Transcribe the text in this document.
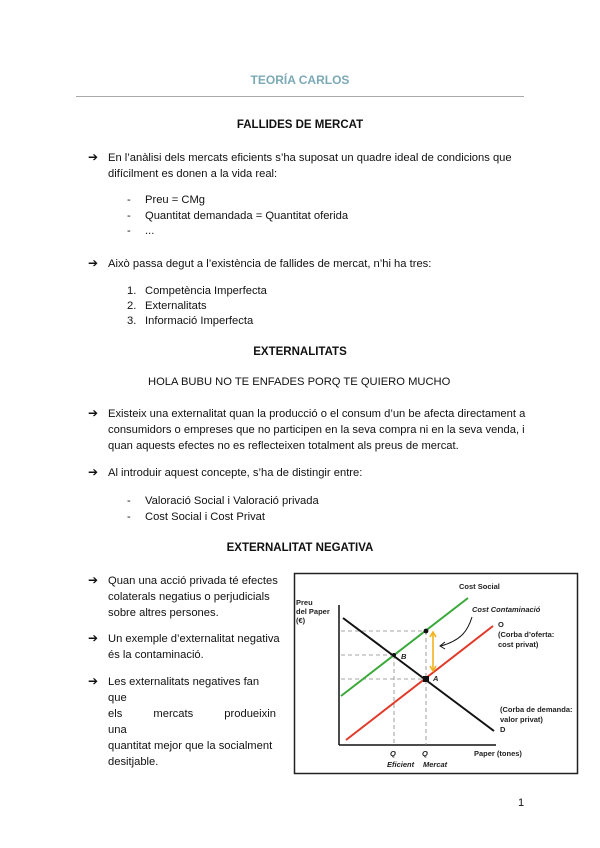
TEORÍA CARLOS
FALLIDES DE MERCAT
➔ En l’anàlisi dels mercats eficients s’ha suposat un quadre ideal de condicions que
difícilment es donen a la vida real:
- Preu = CMg
- Quantitat demandada = Quantitat oferida
- ...
➔ Això passa degut a l’existència de fallides de mercat, n’hi ha tres:
1. Competència Imperfecta
2. Externalitats
3. Informació Imperfecta
EXTERNALITATS
HOLA BUBU NO TE ENFADES PORQ TE QUIERO MUCHO
➔ Existeix una externalitat quan la producció o el consum d’un be afecta directament a
consumidors o empreses que no participen en la seva compra ni en la seva venda, i
quan aquests efectes no es reflecteixen totalment als preus de mercat.
➔ Al introduir aquest concepte, s’ha de distingir entre:
- Valoració Social i Valoració privada
- Cost Social i Cost Privat
EXTERNALITAT NEGATIVA
➔ Quan una acció privada té efectes
colaterals negatius o perjudicials
sobre altres persones.
➔ Un exemple d’externalitat negativa
és la contaminació.
➔ Les externalitats negatives fan que
els mercats produeixin una
quantitat mejor que la socialment
desitjable.
Cost Social
Cost Contaminació
Preu del Paper (€)	O (Corba d’oferta: cost privat)
(Corba de demanda: valor privat) D
B
A
Paper (tones)
Q Eficient
Q Mercat
1
